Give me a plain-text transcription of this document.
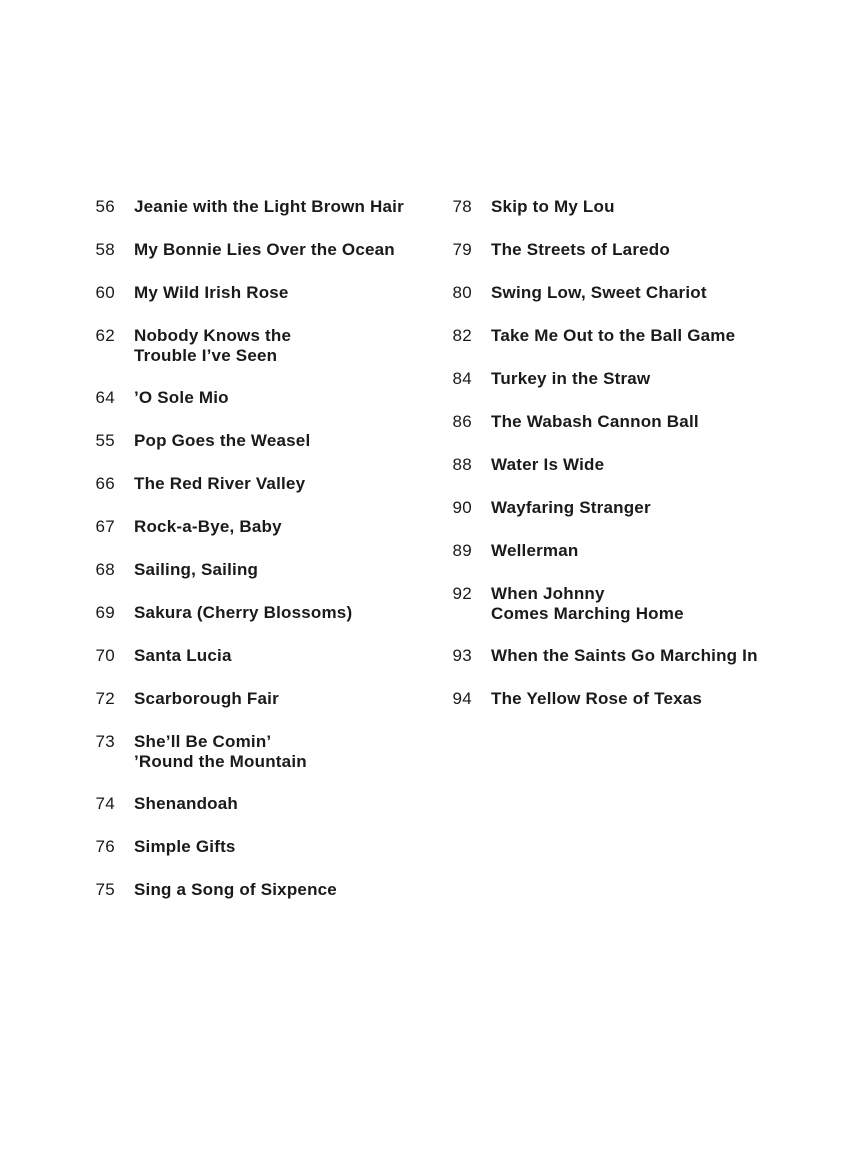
56 Jeanie with the Light Brown Hair
58 My Bonnie Lies Over the Ocean
60 My Wild Irish Rose
62 Nobody Knows the
Trouble I’ve Seen
64 ’O Sole Mio
55 Pop Goes the Weasel
66 The Red River Valley
67 Rock-a-Bye, Baby
68 Sailing, Sailing
69 Sakura (Cherry Blossoms)
70 Santa Lucia
72 Scarborough Fair
73 She’ll Be Comin’
’Round the Mountain
74 Shenandoah
76 Simple Gifts
75 Sing a Song of Sixpence
78 Skip to My Lou
79 The Streets of Laredo
80 Swing Low, Sweet Chariot
82 Take Me Out to the Ball Game
84 Turkey in the Straw
86 The Wabash Cannon Ball
88 Water Is Wide
90 Wayfaring Stranger
89 Wellerman
92 When Johnny
Comes Marching Home
93 When the Saints Go Marching In
94 The Yellow Rose of Texas
